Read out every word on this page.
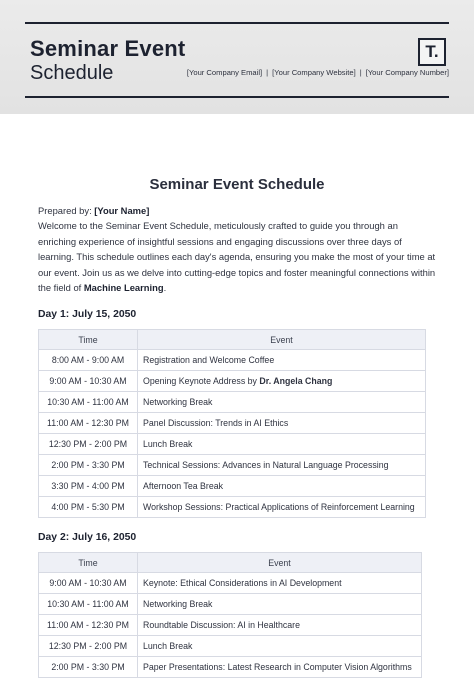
Seminar Event
Schedule
T.
[Your Company Email] | [Your Company Website] | [Your Company Number]
Seminar Event Schedule
Prepared by: [Your Name]
Welcome to the Seminar Event Schedule, meticulously crafted to guide you through an enriching experience of insightful sessions and engaging discussions over three days of learning. This schedule outlines each day's agenda, ensuring you make the most of your time at our event. Join us as we delve into cutting-edge topics and foster meaningful connections within the field of Machine Learning.
Day 1: July 15, 2050
Time	Event
8:00 AM - 9:00 AM	Registration and Welcome Coffee
9:00 AM - 10:30 AM	Opening Keynote Address by Dr. Angela Chang
10:30 AM - 11:00 AM	Networking Break
11:00 AM - 12:30 PM	Panel Discussion: Trends in AI Ethics
12:30 PM - 2:00 PM	Lunch Break
2:00 PM - 3:30 PM	Technical Sessions: Advances in Natural Language Processing
3:30 PM - 4:00 PM	Afternoon Tea Break
4:00 PM - 5:30 PM	Workshop Sessions: Practical Applications of Reinforcement Learning
Day 2: July 16, 2050
Time	Event
9:00 AM - 10:30 AM	Keynote: Ethical Considerations in AI Development
10:30 AM - 11:00 AM	Networking Break
11:00 AM - 12:30 PM	Roundtable Discussion: AI in Healthcare
12:30 PM - 2:00 PM	Lunch Break
2:00 PM - 3:30 PM	Paper Presentations: Latest Research in Computer Vision Algorithms
